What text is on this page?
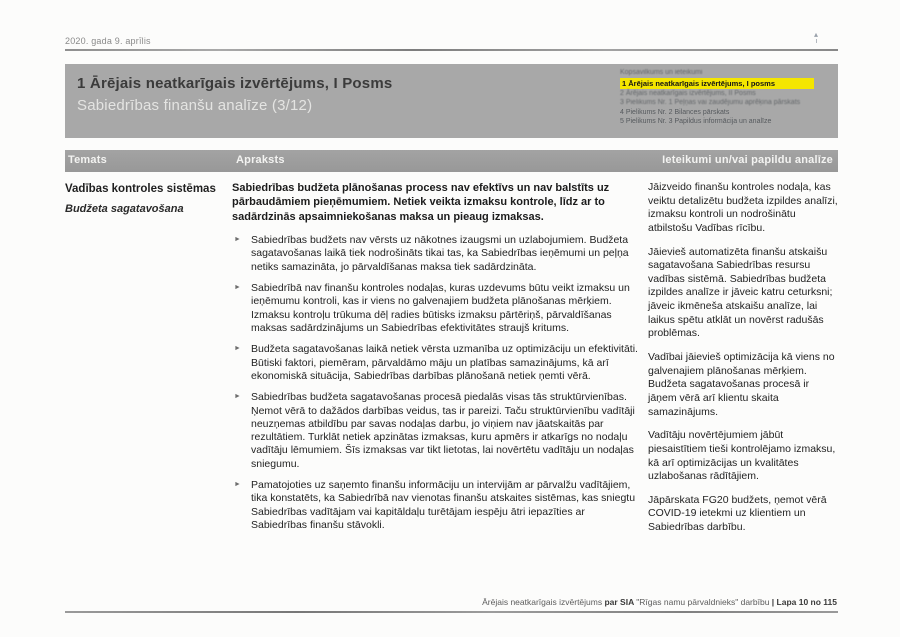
2020. gada 9. aprīlis
▴
1 Ārējais neatkarīgais izvērtējums, I Posms
Sabiedrības finanšu analīze (3/12)
Kopsavilkums un ieteikumi
1 Ārējais neatkarīgais izvērtējums, I posms
2 Ārējais neatkarīgais izvērtējums, II Posms
3 Pielikums Nr. 1 Peļņas vai zaudējumu aprēķina pārskats
4 Pielikums Nr. 2 Bilances pārskats
5 Pielikums Nr. 3 Papildus informācija un analīze
Temats	Apraksts	Ieteikumi un/vai papildu analīze
Vadības kontroles sistēmas
Budžeta sagatavošana

Sabiedrības budžeta plānošanas process nav efektīvs un nav balstīts uz pārbaudāmiem pieņēmumiem. Netiek veikta izmaksu kontrole, līdz ar to sadārdzinās apsaimniekošanas maksa un pieaug izmaksas.

► Sabiedrības budžets nav vērsts uz nākotnes izaugsmi un uzlabojumiem. Budžeta sagatavošanas laikā tiek nodrošināts tikai tas, ka Sabiedrības ieņēmumi un peļņa netiks samazināta, jo pārvaldīšanas maksa tiek sadārdzināta.
► Sabiedrībā nav finanšu kontroles nodaļas, kuras uzdevums būtu veikt izmaksu un ieņēmumu kontroli, kas ir viens no galvenajiem budžeta plānošanas mērķiem. Izmaksu kontroļu trūkuma dēļ radies būtisks izmaksu pārtēriņš, pārvaldīšanas maksas sadārdzinājums un Sabiedrības efektivitātes straujš kritums.
► Budžeta sagatavošanas laikā netiek vērsta uzmanība uz optimizāciju un efektivitāti. Būtiski faktori, piemēram, pārvaldāmo māju un platības samazinājums, kā arī ekonomiskā situācija, Sabiedrības darbības plānošanā netiek ņemti vērā.
► Sabiedrības budžeta sagatavošanas procesā piedalās visas tās struktūrvienības. Ņemot vērā to dažādos darbības veidus, tas ir pareizi. Taču struktūrvienību vadītāji neuzņemas atbildību par savas nodaļas darbu, jo viņiem nav jāatskaitās par rezultātiem. Turklāt netiek apzinātas izmaksas, kuru apmērs ir atkarīgs no nodaļu vadītāju lēmumiem. Šīs izmaksas var tikt lietotas, lai novērtētu vadītāju un nodaļas sniegumu.
► Pamatojoties uz saņemto finanšu informāciju un intervijām ar pārvalžu vadītājiem, tika konstatēts, ka Sabiedrībā nav vienotas finanšu atskaites sistēmas, kas sniegtu Sabiedrības vadītājam vai kapitāldaļu turētājam iespēju ātri iepazīties ar Sabiedrības finanšu stāvokli.

Jāizveido finanšu kontroles nodaļa, kas veiktu detalizētu budžeta izpildes analīzi, izmaksu kontroli un nodrošinātu atbilstošu Vadības rīcību.

Jāievieš automatizēta finanšu atskaišu sagatavošana Sabiedrības resursu vadības sistēmā. Sabiedrības budžeta izpildes analīze ir jāveic katru ceturksni; jāveic ikmēneša atskaišu analīze, lai laikus spētu atklāt un novērst radušās problēmas.

Vadībai jāievieš optimizācija kā viens no galvenajiem plānošanas mērķiem. Budžeta sagatavošanas procesā ir jāņem vērā arī klientu skaita samazinājums.

Vadītāju novērtējumiem jābūt piesaistītiem tieši kontrolējamo izmaksu, kā arī optimizācijas un kvalitātes uzlabošanas rādītājiem.

Jāpārskata FG20 budžets, ņemot vērā COVID-19 ietekmi uz klientiem un Sabiedrības darbību.

Ārējais neatkarīgais izvērtējums par SIA "Rīgas namu pārvaldnieks" darbību | Lapa 10 no 115
